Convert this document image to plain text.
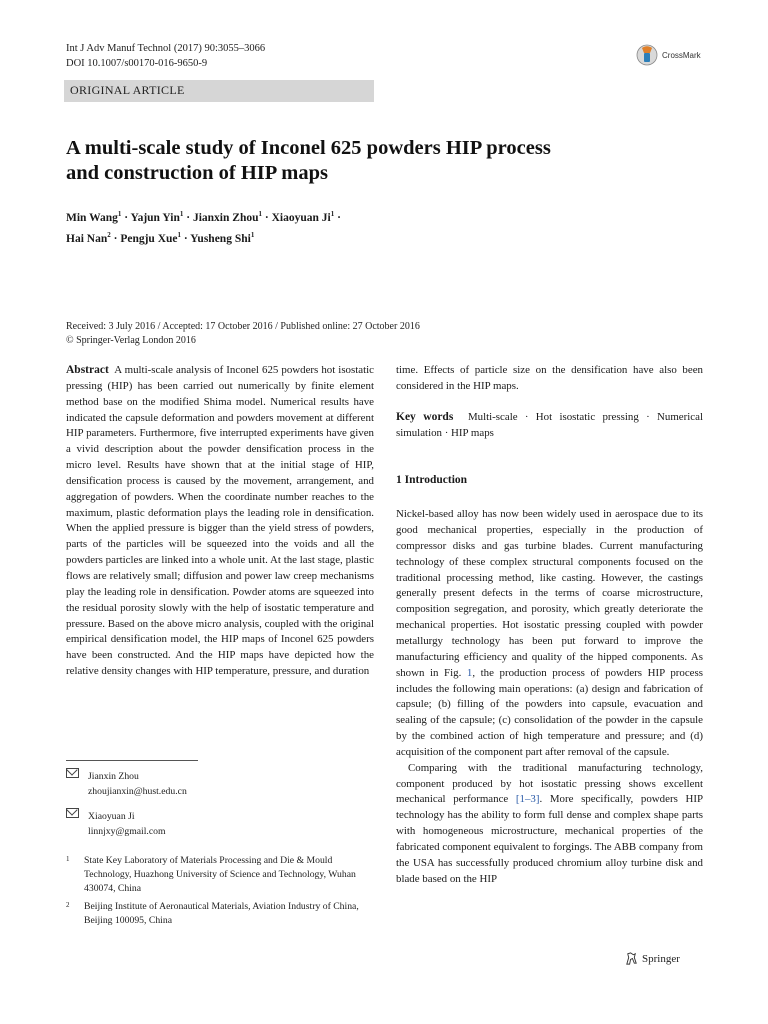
Int J Adv Manuf Technol (2017) 90:3055–3066
DOI 10.1007/s00170-016-9650-9
CrossMark
ORIGINAL ARTICLE
A multi-scale study of Inconel 625 powders HIP process
and construction of HIP maps
Min Wang$^1$ · Yajun Yin$^1$ · Jianxin Zhou$^1$ · Xiaoyuan $Ji^1$ ·
Hai Nan$^2$ · Pengju Xue$^1$ · Yusheng Shi$^1$
Received: 3 July 2016 / Accepted: 17 October 2016 / Published online: 27 October 2016
© Springer-Verlag London 2016

Abstract A multi-scale analysis of Inconel 625 powders hot isostatic pressing (HIP) has been carried out numerically by finite element method base on the modified Shima model. Numerical results have indicated the capsule deformation and powders movement at different HIP parameters. Furthermore, five interrupted experiments have given a vivid description about the powder densification process in the micro level. Results have shown that at the initial stage of HIP, densification process is caused by the movement, arrangement, and aggregation of powders. When the coordinate number reaches to the maximum, plastic deformation plays the leading role in densification. When the applied pressure is bigger than the yield stress of powders, parts of the particles will be squeezed into the voids and all the powders particles are linked into a whole unit. At the last stage, plastic flows are relatively small; diffusion and power law creep mechanisms play the leading role in densification. Powder atoms are squeezed into the residual porosity slowly with the help of isostatic temperature and pressure. Based on the above micro analysis, coupled with the original empirical densification model, the HIP maps of Inconel 625 powders have been constructed. And the HIP maps have depicted how the relative density changes with HIP temperature, pressure, and duration

Jianxin Zhou
zhoujianxin@hust.edu.cn
Xiaoyuan Ji
linnjxy@gmail.com
1	State Key Laboratory of Materials Processing and Die & Mould Technology, Huazhong University of Science and Technology, Wuhan 430074, China
2	Beijing Institute of Aeronautical Materials, Aviation Industry of China, Beijing 100095, China

time. Effects of particle size on the densification have also been considered in the HIP maps.

Key words Multi-scale · Hot isostatic pressing · Numerical simulation · HIP maps

1 Introduction

Nickel-based alloy has now been widely used in aerospace due to its good mechanical properties, especially in the production of compressor disks and gas turbine blades. Current manufacturing technology of these complex structural components focused on the traditional processing method, like casting. However, the castings generally present defects in the terms of coarse microstructure, composition segregation, and porosity, which greatly deteriorate the mechanical properties. Hot isostatic pressing coupled with powder metallurgy technology has been put forward to improve the manufacturing efficiency and quality of the hipped components. As shown in Fig. 1, the production process of powders HIP process includes the following main operations: (a) design and fabrication of capsule; (b) filling of the powders into capsule, evacuation and sealing of the capsule; (c) consolidation of the powder in the capsule by the combined action of high temperature and pressure; and (d) acquisition of the component part after removal of the capsule.

Comparing with the traditional manufacturing technology, component produced by hot isostatic pressing shows excellent mechanical performance [1–3]. More specifically, powders HIP technology has the ability to form full dense and complex shape parts with homogeneous microstructure, mechanical properties of the fabricated component equivalent to forgings. The ABB company from the USA has successfully produced chromium alloy turbine disk and blade based on the HIP

Springer
